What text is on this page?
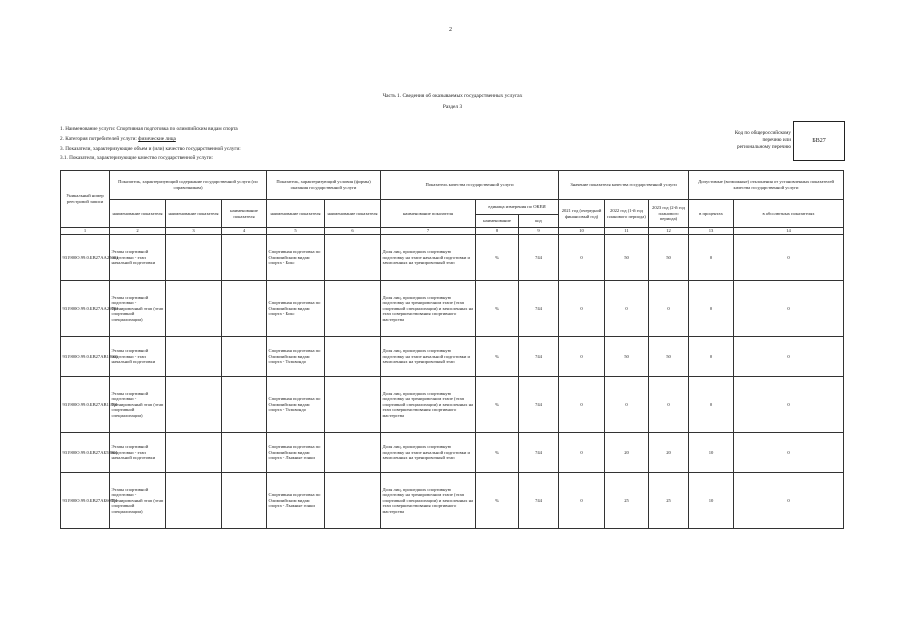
2
Часть 1. Сведения об оказываемых государственных услугах
Раздел 3
1. Наименование услуги: Спортивная подготовка по олимпийским видам спорта
2. Категория потребителей услуги: физические лица
3. Показатели, характеризующие объем и (или) качество государственной услуги:
3.1. Показатели, характеризующие качество государственной услуги:
Код по общероссийскому
перечню или
региональному перечню
БВ27
Уникальный номер реестровой записи	Показатель, характеризующий содержание государственной услуги (по справочникам)			Показатель, характеризующий условия (формы) оказания государственной услуги		Показатель качества государственной услуги			Значение показателя качества государственной услуги			Допустимые (возможные) отклонения от установленных показателей качества государственной услуги	
	наименование показателя	наименование показателя	наименование показателя	наименование показателя	наименование показателя	наименование показателя	единица измерения по ОКЕИ		2021 год (очередной финансовый год)	2022 год (1-й год планового периода)	2023 год (2-й год планового периода)	в процентах	в абсолютных показателях
							наименование	код					
1	2	3	4	5	6	7	8	9	10	11	12	13	14
931900О.99.0.БВ27АА25001	Этапы спортивной подготовки - этап начальной подготовки			Спортивная подготовка по Олимпийским видам спорта - Бокс		Доля лиц, прошедших спортивную подготовку на этапе начальной подготовки и зачисленных на тренировочный этап	%	744	0	50	50	0	0
931900О.99.0.БВ27АА26001	Этапы спортивной подготовки - Тренировочный этап (этап спортивной специализации)			Спортивная подготовка по Олимпийским видам спорта - Бокс		Доля лиц, прошедших спортивную подготовку на тренировочном этапе (этап спортивной специализации) и зачисленных на этап совершенствования спортивного мастерства	%	744	0	0	0	0	0
931900О.99.0.БВ27АВ10001	Этапы спортивной подготовки - этап начальной подготовки			Спортивная подготовка по Олимпийским видам спорта - Тхэквондо		Доля лиц, прошедших спортивную подготовку на этапе начальной подготовки и зачисленных на тренировочный этап	%	744	0	50	50	0	0
931900О.99.0.БВ27АВ11001	Этапы спортивной подготовки - Тренировочный этап (этап спортивной специализации)			Спортивная подготовка по Олимпийским видам спорта - Тхэквондо		Доля лиц, прошедших спортивную подготовку на тренировочном этапе (этап спортивной специализации) и зачисленных на этап совершенствования спортивного мастерства	%	744	0	0	0	0	0
931900О.99.0.БВ27АБ58001	Этапы спортивной подготовки - этап начальной подготовки			Спортивная подготовка по Олимпийским видам спорта - Лыжные гонки		Доля лиц, прошедших спортивную подготовку на этапе начальной подготовки и зачисленных на тренировочный этап	%	744	0	20	20	10	0
931900О.99.0.БВ27АБ60001	Этапы спортивной подготовки - Тренировочный этап (этап спортивной специализации)			Спортивная подготовка по Олимпийским видам спорта - Лыжные гонки		Доля лиц, прошедших спортивную подготовку на тренировочном этапе (этап спортивной специализации) и зачисленных на этап совершенствования спортивного мастерства	%	744	0	25	25	10	0
